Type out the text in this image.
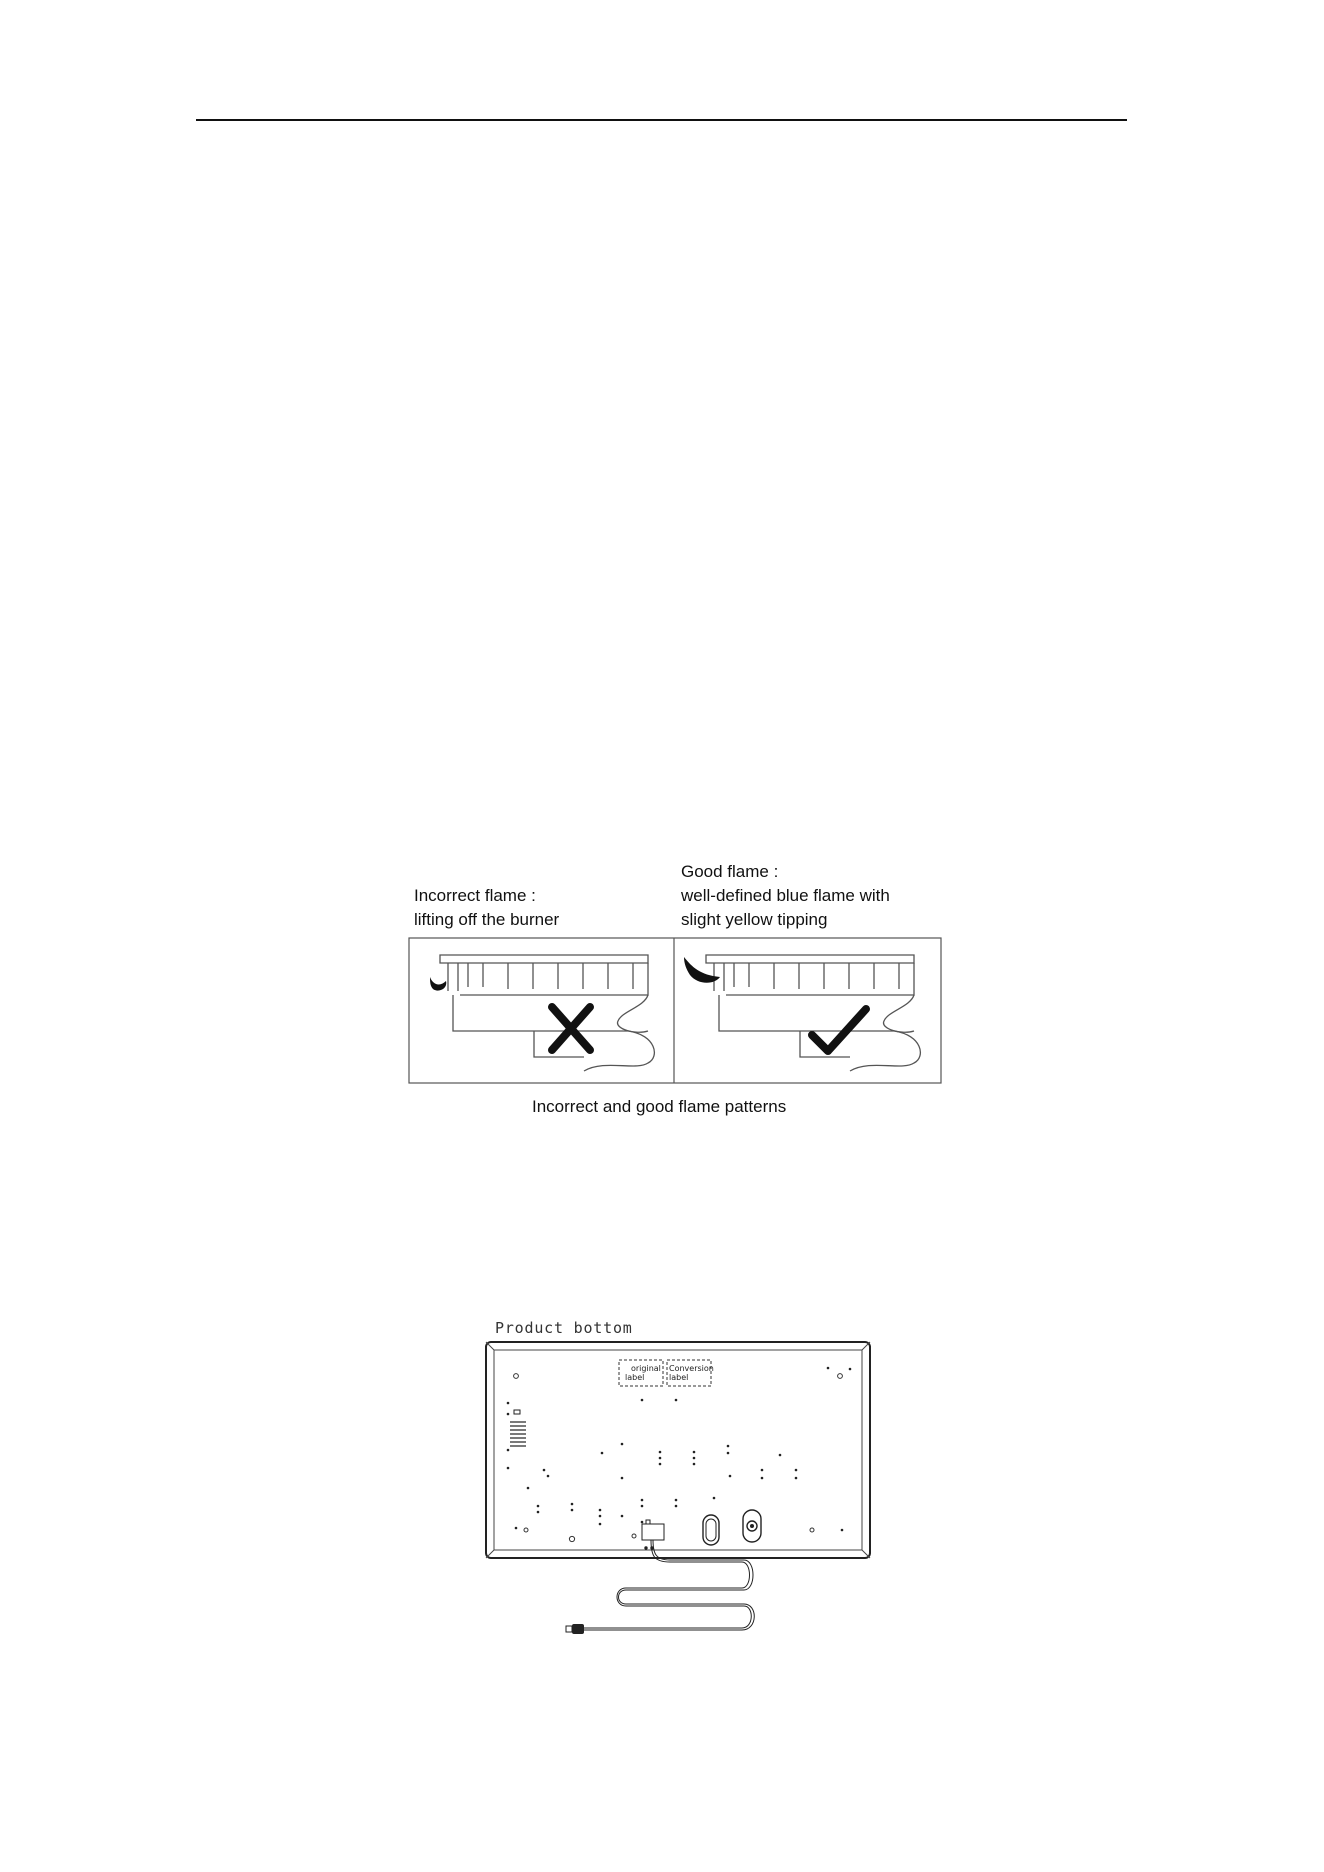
Incorrect flame :
lifting off the burner
Good flame :
well-defined blue flame with
slight yellow tipping
Incorrect and good flame patterns
Product bottom
original
label
Conversion
label
